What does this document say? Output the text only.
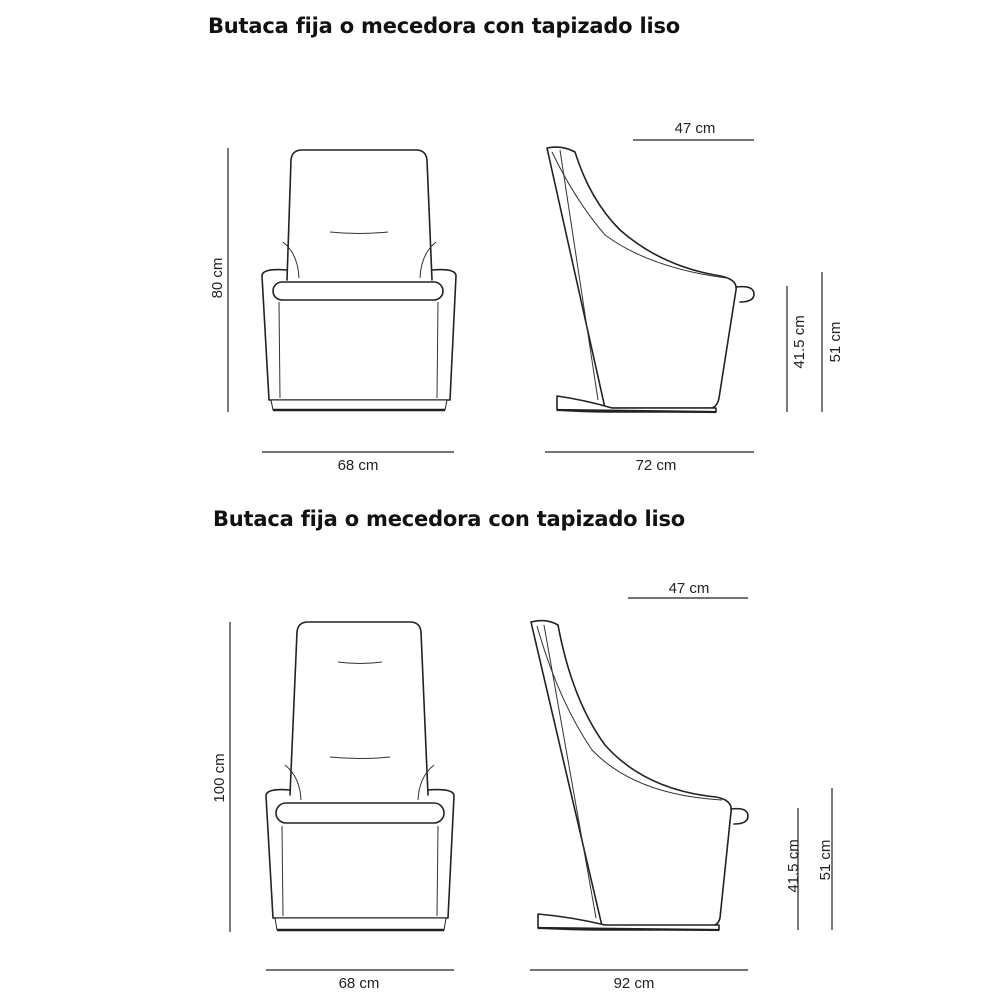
Butaca fija o mecedora con tapizado liso
Butaca fija o mecedora con tapizado liso
80 cm
68 cm
47 cm
72 cm
41.5 cm 51 cm
100 cm
68 cm
47 cm
92 cm
41.5 cm 51 cm
